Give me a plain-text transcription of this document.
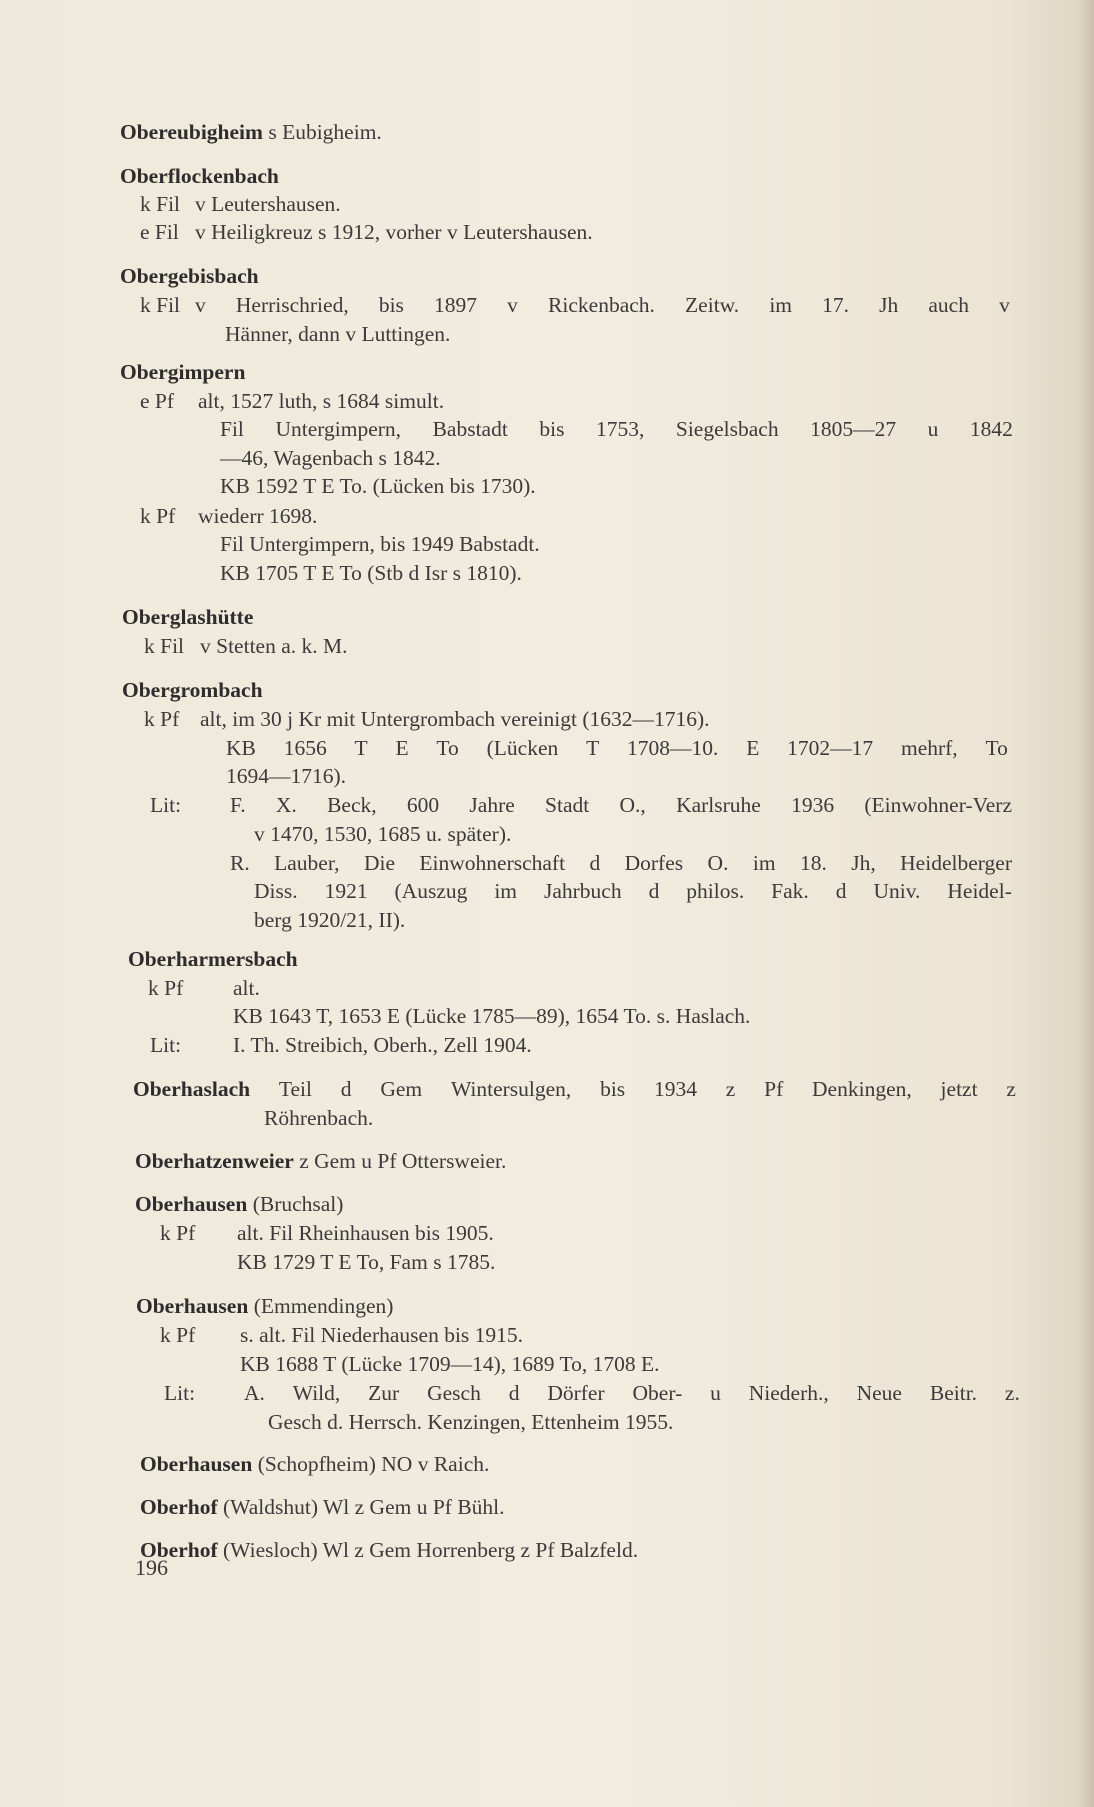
Obereubigheim s Eubigheim.
Oberflockenbach
k Fil v Leutershausen.
e Fil v Heiligkreuz s 1912, vorher v Leutershausen.
Obergebisbach
k Fil v Herrischried, bis 1897 v Rickenbach. Zeitw. im 17. Jh auch v
Hänner, dann v Luttingen.
Obergimpern
e Pf alt, 1527 luth, s 1684 simult.
Fil Untergimpern, Babstadt bis 1753, Siegelsbach 1805—27 u 1842
—46, Wagenbach s 1842.
KB 1592 T E To. (Lücken bis 1730).
k Pf wiederr 1698.
Fil Untergimpern, bis 1949 Babstadt.
KB 1705 T E To (Stb d Isr s 1810).
Oberglashütte
k Fil v Stetten a. k. M.
Obergrombach
k Pf alt, im 30 j Kr mit Untergrombach vereinigt (1632—1716).
KB 1656 T E To (Lücken T 1708—10. E 1702—17 mehrf, To
1694—1716).
Lit: F. X. Beck, 600 Jahre Stadt O., Karlsruhe 1936 (Einwohner-Verz
v 1470, 1530, 1685 u. später).
R. Lauber, Die Einwohnerschaft d Dorfes O. im 18. Jh, Heidelberger
Diss. 1921 (Auszug im Jahrbuch d philos. Fak. d Univ. Heidel-
berg 1920/21, II).
Oberharmersbach
k Pf alt.
KB 1643 T, 1653 E (Lücke 1785—89), 1654 To. s. Haslach.
Lit: I. Th. Streibich, Oberh., Zell 1904.
Oberhaslach Teil d Gem Wintersulgen, bis 1934 z Pf Denkingen, jetzt z
Röhrenbach.
Oberhatzenweier z Gem u Pf Ottersweier.
Oberhausen (Bruchsal)
k Pf alt. Fil Rheinhausen bis 1905.
KB 1729 T E To, Fam s 1785.
Oberhausen (Emmendingen)
k Pf s. alt. Fil Niederhausen bis 1915.
KB 1688 T (Lücke 1709—14), 1689 To, 1708 E.
Lit: A. Wild, Zur Gesch d Dörfer Ober- u Niederh., Neue Beitr. z.
Gesch d. Herrsch. Kenzingen, Ettenheim 1955.
Oberhausen (Schopfheim) NO v Raich.
Oberhof (Waldshut) Wl z Gem u Pf Bühl.
Oberhof (Wiesloch) Wl z Gem Horrenberg z Pf Balzfeld.
196
